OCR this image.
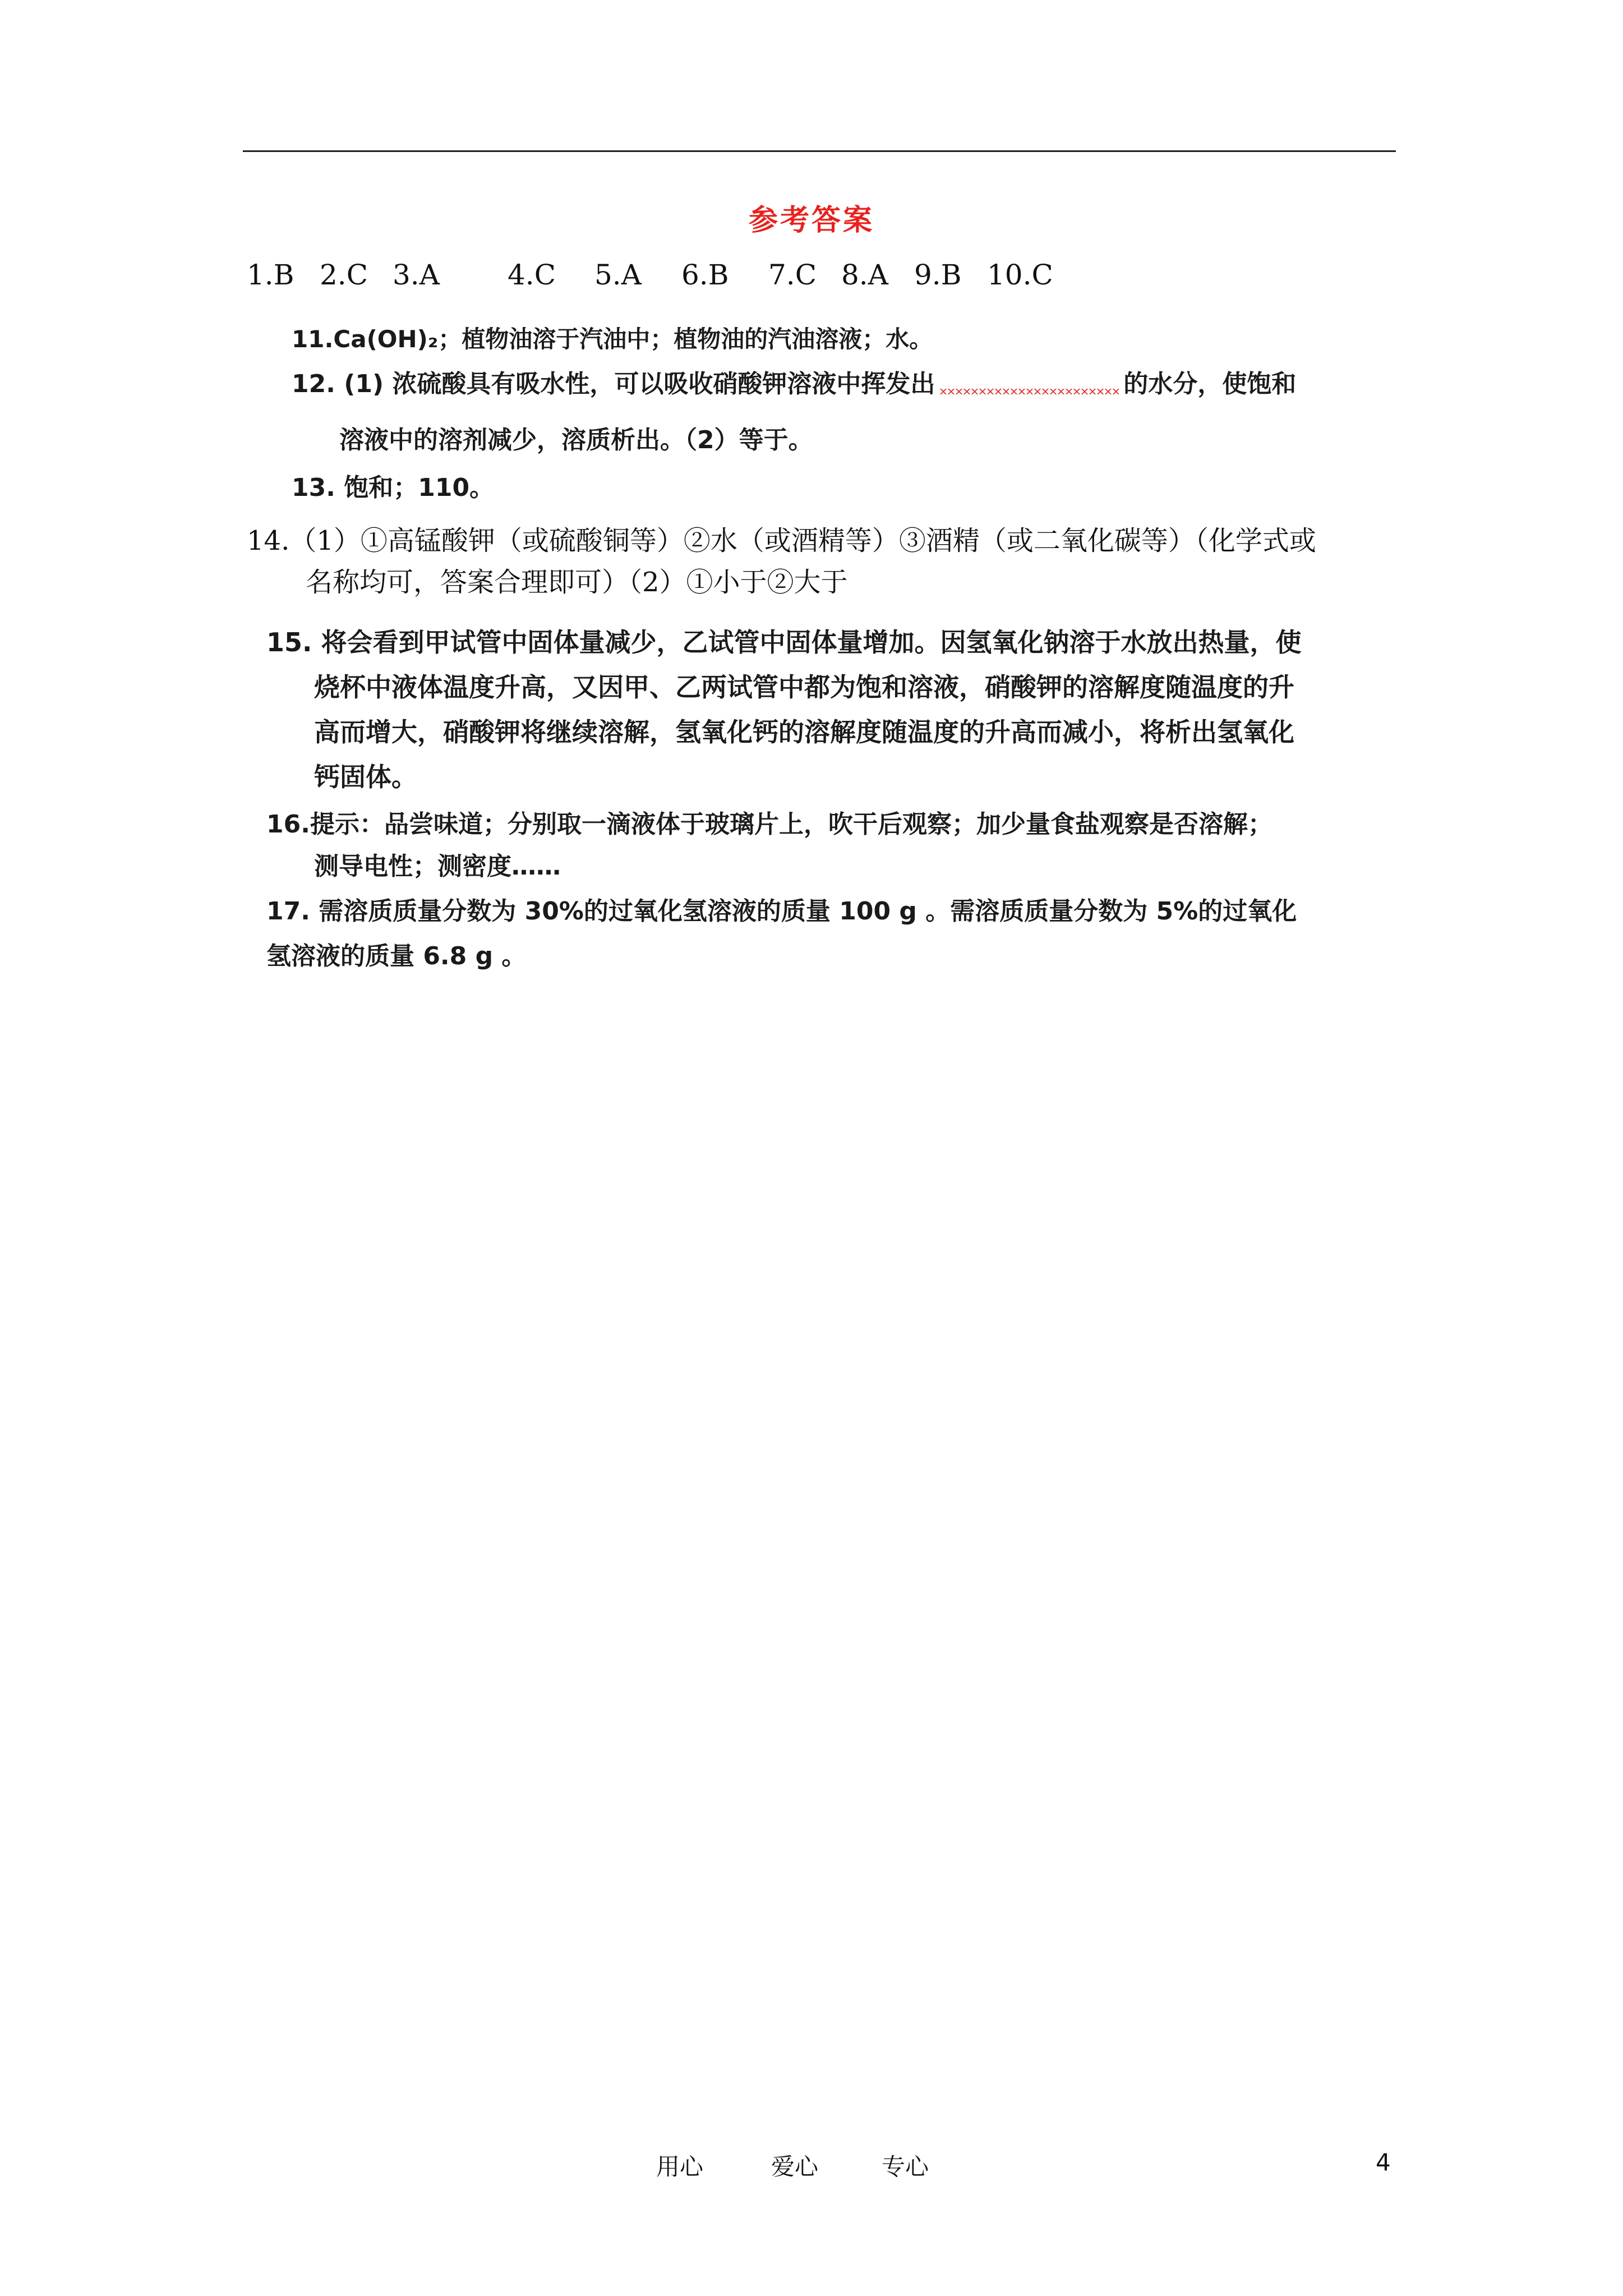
参考答案
1.B 2.C 3.A 4.C 5.A 6.B 7.C 8.A 9.B 10.C
11.Ca(OH)₂；植物油溶于汽油中；植物油的汽油溶液；水。
12. (1) 浓硫酸具有吸水性，可以吸收硝酸钾溶液中挥发出	的水分，使饱和
溶液中的溶剂减少，溶质析出。（2）等于。
13. 饱和；110。
14.（1）①高锰酸钾（或硫酸铜等）②水（或酒精等）③酒精（或二氧化碳等）（化学式或
名称均可，答案合理即可）（2）①小于②大于
15. 将会看到甲试管中固体量减少，乙试管中固体量增加。因氢氧化钠溶于水放出热量，使
烧杯中液体温度升高，又因甲、乙两试管中都为饱和溶液，硝酸钾的溶解度随温度的升
高而增大，硝酸钾将继续溶解，氢氧化钙的溶解度随温度的升高而减小，将析出氢氧化
钙固体。
16.提示：品尝味道；分别取一滴液体于玻璃片上，吹干后观察；加少量食盐观察是否溶解；
测导电性；测密度……
17. 需溶质质量分数为 30%的过氧化氢溶液的质量 100 g 。需溶质质量分数为 5%的过氧化
氢溶液的质量 6.8 g 。
用心	爱心	专心	4
